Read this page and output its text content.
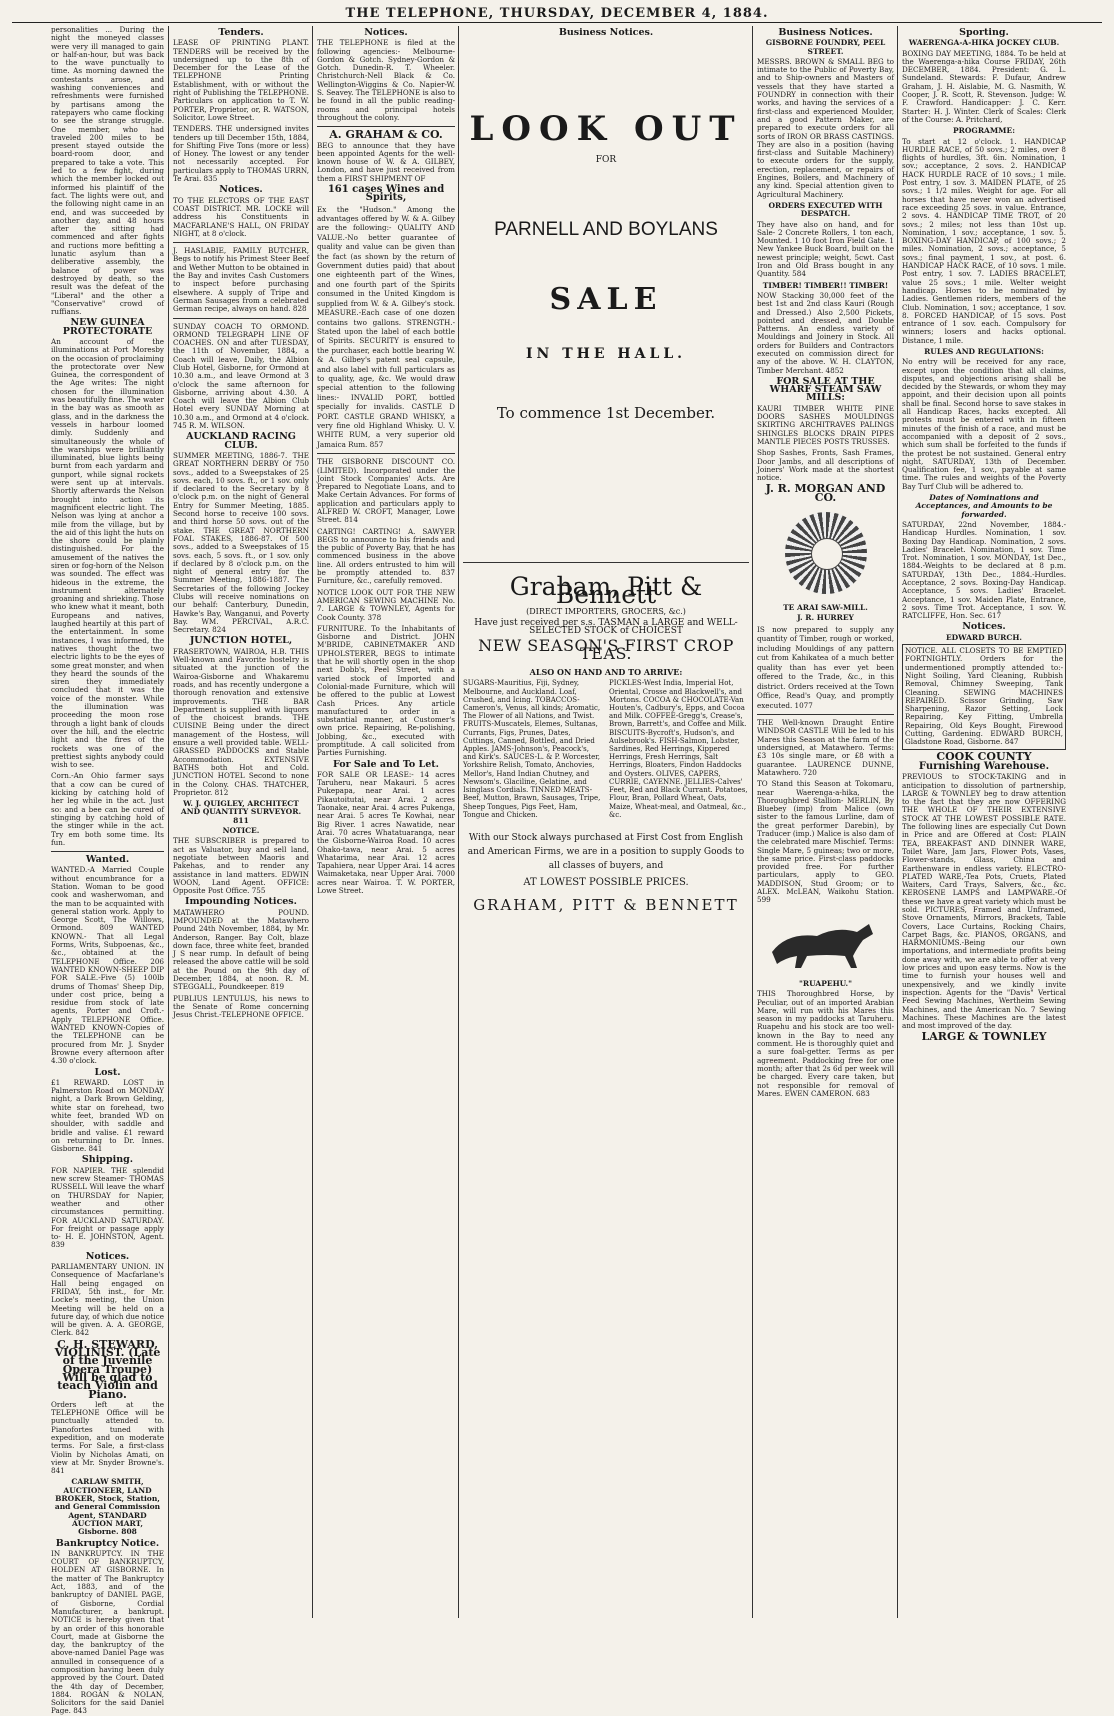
THE TELEPHONE, THURSDAY, DECEMBER 4, 1884.
personalities ... During the night the moneyed classes were very ill managed to gain or half-an-hour, but was back to the wave punctually to time. As morning dawned the contestants arose, and washing conveniences and refreshments were furnished by partisans among the ratepayers who came flocking to see the strange struggle. One member, who had traveled 200 miles to be present stayed outside the board-room door, and prepared to take a vote. This led to a few fight, during which the member locked out informed his plaintiff of the fact. The lights were out, and the following night came in an end, and was succeeded by another day, and 48 hours after the sitting had commenced and after fights and ructions more befitting a lunatic asylum than a deliberative assembly, the balance of power was destroyed by death, so the result was the defeat of the "Liberal" and the other a "Conservative" crowd of ruffians.
NEW GUINEA PROTECTORATE
An account of the illuminations at Port Moresby on the occasion of proclaiming the protectorate over New Guinea, the correspondent of the Age writes: The night chosen for the illumination was beautifully fine. The water in the bay was as smooth as glass, and in the darkness the vessels in harbour loomed dimly. Suddenly and simultaneously the whole of the warships were brilliantly illuminated, blue lights being burnt from each yardarm and gunport, while signal rockets were sent up at intervals. Shortly afterwards the Nelson brought into action its magnificent electric light. The Nelson was lying at anchor a mile from the village, but by the aid of this light the huts on the shore could be plainly distinguished. For the amusement of the natives the siren or fog-horn of the Nelson was sounded. The effect was hideous in the extreme, the instrument alternately groaning and shrieking. Those who knew what it meant, both Europeans and natives, laughed heartily at this part of the entertainment. In some instances, I was informed, the natives thought the two electric lights to be the eyes of some great monster, and when they heard the sounds of the siren they immediately concluded that it was the voice of the monster. While the illumination was proceeding the moon rose through a light bank of clouds over the hill, and the electric light and the fires of the rockets was one of the prettiest sights anybody could wish to see.
Corn.-An Ohio farmer says that a cow can be cured of kicking by catching hold of her leg while in the act. Just so: and a bee can be cured of stinging by catching hold of the stinger while in the act. Try em both some time. Its fun.
Wanted.
WANTED.-A Married Couple without encumbrance for a Station. Woman to be good cook and washerwoman, and the man to be acquainted with general station work. Apply to George Scott, The Willows, Ormond. 809 WANTED KNOWN.- That all Legal Forms, Writs, Subpoenas, &c., &c., obtained at the TELEPHONE Office. 206 WANTED KNOWN-SHEEP DIP FOR SALE.-Five (5) 100lb drums of Thomas' Sheep Dip, under cost price, being a residue from stock of late agents, Porter and Croft.-Apply TELEPHONE Office. WANTED KNOWN-Copies of the TELEPHONE can be procured from Mr. J. Snyder Browne every afternoon after 4.30 o'clock.
Lost.
£1 REWARD. LOST in Palmerston Road on MONDAY night, a Dark Brown Gelding, white star on forehead, two white feet, branded WD on shoulder, with saddle and bridle and valise. £1 reward on returning to Dr. Innes. Gisborne. 841
Shipping.
FOR NAPIER. THE splendid new screw Steamer- THOMAS RUSSELL Will leave the wharf on THURSDAY for Napier, weather and other circumstances permitting. FOR AUCKLAND SATURDAY. For freight or passage apply to- H. E. JOHNSTON, Agent. 839
Notices.
PARLIAMENTARY UNION. IN Consequence of Macfarlane's Hall being engaged on FRIDAY, 5th inst., for Mr. Locke's meeting, the Union Meeting will be held on a future day, of which due notice will be given. A. A. GEORGE, Clerk. 842
C. H. STEWARD, VIOLINIST. (Late of the Juvenile Opera Troupe) Will be glad to teach Violin and Piano.
Orders left at the TELEPHONE Office will be punctually attended to. Pianofortes tuned with expedition, and on moderate terms. For Sale, a first-class Violin by Nicholas Amati, on view at Mr. Snyder Browne's. 841
CARLAW SMITH, AUCTIONEER, LAND BROKER, Stock, Station, and General Commission Agent, STANDARD AUCTION MART, Gisborne. 808
Bankruptcy Notice.
IN BANKRUPTCY. IN THE COURT OF BANKRUPTCY, HOLDEN AT GISBORNE. In the matter of The Bankruptcy Act, 1883, and of the bankruptcy of DANIEL PAGE, of Gisborne, Cordial Manufacturer, a bankrupt. NOTICE is hereby given that by an order of this honorable Court, made at Gisborne the day, the bankruptcy of the above-named Daniel Page was annulled in consequence of a composition having been duly approved by the Court. Dated the 4th day of December, 1884. ROGAN & NOLAN, Solicitors for the said Daniel Page. 843
Tenders.
LEASE OF PRINTING PLANT. TENDERS will be received by the undersigned up to the 8th of December for the Lease of the TELEPHONE Printing Establishment, with or without the right of Publishing the TELEPHONE. Particulars on application to T. W. PORTER, Proprietor, or, R. WATSON, Solicitor, Lowe Street.
TENDERS. THE undersigned invites tenders up till December 15th, 1884, for Shifting Five Tons (more or less) of Honey. The lowest or any tender not necessarily accepted. For particulars apply to THOMAS URRN, Te Arai. 835
Notices.
TO THE ELECTORS OF THE EAST COAST DISTRICT. MR. LOCKE will address his Constituents in MACFARLANE'S HALL, ON FRIDAY NIGHT, at 8 o'clock.
J. HASLABIE, FAMILY BUTCHER, Begs to notify his Primest Steer Beef and Wether Mutton to be obtained in the Bay and invites Cash Customers to inspect before purchasing elsewhere. A supply of Tripe and German Sausages from a celebrated German recipe, always on hand. 828
SUNDAY COACH TO ORMOND. ORMOND TELEGRAPH LINE OF COACHES. ON and after TUESDAY, the 11th of November, 1884, a Coach will leave, Daily, the Albion Club Hotel, Gisborne, for Ormond at 10.30 a.m., and leave Ormond at 3 o'clock the same afternoon for Gisborne, arriving about 4.30. A Coach will leave the Albion Club Hotel every SUNDAY Morning at 10.30 a.m., and Ormond at 4 o'clock. 745 R. M. WILSON.
AUCKLAND RACING CLUB.
SUMMER MEETING, 1886-7. THE GREAT NORTHERN DERBY Of 750 sovs., added to a Sweepstakes of 25 sovs. each, 10 sovs. ft., or 1 sov. only if declared to the Secretary by 8 o'clock p.m. on the night of General Entry for Summer Meeting, 1885. Second horse to receive 100 sovs. and third horse 50 sovs. out of the stake. THE GREAT NORTHERN FOAL STAKES, 1886-87. Of 500 sovs., added to a Sweepstakes of 15 sovs. each, 5 sovs. ft., or 1 sov. only if declared by 8 o'clock p.m. on the night of general entry for the Summer Meeting, 1886-1887. The Secretaries of the following Jockey Clubs will receive nominations on our behalf: Canterbury, Dunedin, Hawke's Bay, Wanganui, and Poverty Bay. WM. PERCIVAL, A.R.C. Secretary. 824
JUNCTION HOTEL,
FRASERTOWN, WAIROA, H.B. THIS Well-known and Favorite hostelry is situated at the junction of the Wairoa-Gisborne and Whakaremu roads, and has recently undergone a thorough renovation and extensive improvements. THE BAR Department is supplied with liquors of the choicest brands. THE CUISINE Being under the direct management of the Hostess, will ensure a well provided table. WELL-GRASSED PADDOCKS and Stable Accommodation. EXTENSIVE BATHS both Hot and Cold. JUNCTION HOTEL Second to none in the Colony. CHAS. THATCHER, Proprietor. 812
W. J. QUIGLEY, ARCHITECT AND QUANTITY SURVEYOR. 811
NOTICE.
THE SUBSCRIBER is prepared to act as Valuator, buy and sell land, negotiate between Maoris and Pakehas, and to render any assistance in land matters. EDWIN WOON, Land Agent. OFFICE: Opposite Post Office. 755
Impounding Notices.
MATAWHERO POUND. IMPOUNDED at the Matawhero Pound 24th November, 1884, by Mr. Anderson, Ranger. Bay Colt, blaze down face, three white feet, branded J S near rump. In default of being released the above cattle will be sold at the Pound on the 9th day of December, 1884, at noon. R. M. STEGGALL, Poundkeeper. 819
PUBLIUS LENTULUS, his news to the Senate of Rome concerning Jesus Christ.-TELEPHONE OFFICE.
Notices.
THE TELEPHONE is filed at the following agencies:- Melbourne-Gordon & Gotch. Sydney-Gordon & Gotch. Dunedin-R. T. Wheeler. Christchurch-Nell Black & Co. Wellington-Wiggins & Co. Napier-W. S. Seavey. The TELEPHONE is also to be found in all the public reading-rooms and principal hotels throughout the colony.
A. GRAHAM & CO.
BEG to announce that they have been appointed Agents for the well-known house of W. & A. GILBEY, London, and have just received from them a FIRST SHIPMENT OF
161 cases Wines and Spirits,
Ex the "Hudson." Among the advantages offered by W. & A. Gilbey are the following:- QUALITY AND VALUE.-No better guarantee of quality and value can be given than the fact (as shown by the return of Government duties paid) that about one eighteenth part of the Wines, and one fourth part of the Spirits consumed in the United Kingdom is supplied from W. & A. Gilbey's stock. MEASURE.-Each case of one dozen contains two gallons. STRENGTH.-Stated upon the label of each bottle of Spirits. SECURITY is ensured to the purchaser, each bottle bearing W. & A. Gilbey's patent seal capsule, and also label with full particulars as to quality, age, &c. We would draw special attention to the following lines:- INVALID PORT, bottled specially for invalids. CASTLE D PORT. CASTLE GRAND WHISKY, a very fine old Highland Whisky. U. V. WHITE RUM, a very superior old Jamaica Rum. 857
THE GISBORNE DISCOUNT CO. (LIMITED). Incorporated under the Joint Stock Companies' Acts. Are Prepared to Negotiate Loans, and to Make Certain Advances. For forms of application and particulars apply to ALFRED W. CROFT, Manager, Lowe Street. 814
CARTING! CARTING! A. SAWYER BEGS to announce to his friends and the public of Poverty Bay, that he has commenced business in the above line. All orders entrusted to him will be promptly attended to. 837 Furniture, &c., carefully removed.
NOTICE LOOK OUT FOR THE NEW AMERICAN SEWING MACHINE No. 7. LARGE & TOWNLEY, Agents for Cook County. 378
FURNITURE. To the Inhabitants of Gisborne and District. JOHN M'BRIDE, CABINETMAKER AND UPHOLSTERER, BEGS to intimate that he will shortly open in the shop next Dobb's, Peel Street, with a varied stock of Imported and Colonial-made Furniture, which will be offered to the public at Lowest Cash Prices. Any article manufactured to order in a substantial manner, at Customer's own price. Repairing, Re-polishing, Jobbing, &c., executed with promptitude. A call solicited from Parties Furnishing.
For Sale and To Let.
FOR SALE OR LEASE:- 14 acres Taruheru, near Makauri. 5 acres Pukepapa, near Arai. 1 acres Pikautoitutai, near Arai. 2 acres Taonake, near Arai. 4 acres Pukenga, near Arai. 5 acres Te Kowhai, near Big River. 1 acres Nawatide, near Arai. 70 acres Whatatuaranga, near the Gisborne-Wairoa Road. 10 acres Ohako-tawa, near Arai. 5 acres Whatarima, near Arai. 12 acres Tapahiera, near Upper Arai. 14 acres Waimaketaka, near Upper Arai. 7000 acres near Wairoa. T. W. PORTER, Lowe Street.
Business Notices.
LOOK OUT
FOR
PARNELL AND BOYLANS
SALE
IN THE HALL.
To commence 1st December.
Graham, Pitt & Bennett
(DIRECT IMPORTERS, GROCERS, &c.)
Have just received per s.s. TASMAN a LARGE and WELL-SELECTED STOCK of CHOICEST
NEW SEASON'S FIRST CROP TEAS.
ALSO ON HAND AND TO ARRIVE:
SUGARS-Mauritius, Fiji, Sydney, Melbourne, and Auckland. Loaf, Crushed, and Icing. TOBACCOS-Cameron's, Venus, all kinds; Aromatic, The Flower of all Nations, and Twist. FRUITS-Muscatels, Elemes, Sultanas, Currants, Figs, Prunes, Dates, Cuttings, Canned, Bottled, and Dried Apples. JAMS-Johnson's, Peacock's, and Kirk's. SAUCES-L. & P. Worcester, Yorkshire Relish, Tomato, Anchovies, Mellor's, Hand Indian Chutney, and Newsom's. Glaciline, Gelatine, and Isinglass Cordials. TINNED MEATS-Beef, Mutton, Brawn, Sausages, Tripe, Sheep Tongues, Pigs Feet, Ham, Tongue and Chicken.
PICKLES-West India, Imperial Hot, Oriental, Crosse and Blackwell's, and Mortons. COCOA & CHOCOLATE-Van Houten's, Cadbury's, Epps, and Cocoa and Milk. COFFEE-Gregg's, Crease's, Brown, Barrett's, and Coffee and Milk. BISCUITS-Bycroft's, Hudson's, and Aulsebrook's. FISH-Salmon, Lobster, Sardines, Red Herrings, Kippered Herrings, Fresh Herrings, Salt Herrings, Bloaters, Findon Haddocks and Oysters. OLIVES, CAPERS, CURRIE, CAYENNE. JELLIES-Calves' Feet, Red and Black Currant. Potatoes, Flour, Bran, Pollard Wheat, Oats, Maize, Wheat-meal, and Oatmeal, &c., &c.
With our Stock always purchased at First Cost from English and American Firms, we are in a position to supply Goods to all classes of buyers, and
AT LOWEST POSSIBLE PRICES.
GRAHAM, PITT & BENNETT
Business Notices.
GISBORNE FOUNDRY, PEEL STREET.
MESSRS. BROWN & SMALL BEG to intimate to the Public of Poverty Bay, and to Ship-owners and Masters of vessels that they have started a FOUNDRY in connection with their works, and having the services of a first-class and experienced Moulder, and a good Pattern Maker, are prepared to execute orders for all sorts of IRON OR BRASS CASTINGS. They are also in a position (having first-class and Suitable Machinery) to execute orders for the supply, erection, replacement, or repairs of Engines, Boilers, and Machinery of any kind. Special attention given to Agricultural Machinery.
ORDERS EXECUTED WITH DESPATCH.
They have also on hand, and for Sale- 2 Concrete Rollers, 1 ton each, Mounted. 1 10 foot Iron Field Gate. 1 New Yankee Buck Board, built on the newest principle; weight, 5cwt. Cast Iron and Old Brass bought in any Quantity. 584
TIMBER! TIMBER!! TIMBER!
NOW Stacking 30,000 feet of the best 1st and 2nd class Kauri (Rough and Dressed.) Also 2,500 Pickets, pointed and dressed, and Double Patterns. An endless variety of Mouldings and Joinery in Stock. All orders for Builders and Contractors executed on commission direct for any of the above. W. H. CLAYTON, Timber Merchant. 4852
FOR SALE AT THE WHARF STEAM SAW MILLS:
KAURI TIMBER WHITE PINE DOORS SASHES MOULDINGS SKIRTING ARCHITRAVES PALINGS SHINGLES BLOCKS DRAIN PIPES MANTLE PIECES POSTS TRUSSES.
Shop Sashes, Fronts, Sash Frames, Door Jambs, and all descriptions of Joiners' Work made at the shortest notice.
J. R. MORGAN AND CO.
TE ARAI SAW-MILL.
J. R. HURREY
IS now prepared to supply any quantity of Timber, rough or worked, including Mouldings of any pattern cut from Kahikatea of a much better quality than has ever yet been offered to the Trade, &c., in this district. Orders received at the Town Office, Read's Quay, and promptly executed. 1077
THE Well-known Draught Entire WINDSOR CASTLE Will be led to his Mares this Season at the farm of the undersigned, at Matawhero. Terms: £3 10s single mare, or £8 with a guarantee. LAURENCE DUNNE, Matawhero. 720
TO Stand this Season at Tokomaru, near Waerenga-a-hika, the Thoroughbred Stallion- MERLIN, By Bluebey (imp) from Malice (own sister to the famous Lurline, dam of the great performer Darebin), by Traducer (imp.) Malice is also dam of the celebrated mare Mischief. Terms: Single Mare, 5 guineas; two or more, the same price. First-class paddocks provided free. For further particulars, apply to GEO. MADDISON, Stud Groom; or to ALEX. McLEAN, Waikohu Station. 599
"RUAPEHU."
THIS Thoroughbred Horse, by Peculiar, out of an imported Arabian Mare, will run with his Mares this season in my paddocks at Taruheru. Ruapehu and his stock are too well-known in the Bay to need any comment. He is thoroughly quiet and a sure foal-getter. Terms as per agreement. Paddocking free for one month; after that 2s 6d per week will be charged. Every care taken, but not responsible for removal of Mares. EWEN CAMERON. 683
Sporting.
WAERENGA-A-HIKA JOCKEY CLUB.
BOXING DAY MEETING, 1884. To be held at the Waerenga-a-hika Course FRIDAY, 26th DECEMBER, 1884. President: G. L. Sundeland. Stewards: F. Dufaur, Andrew Graham, J. H. Aislabie, M. G. Nasmith, W. Cooper, J. R. Scott, R. Stevenson. Judge: W. F. Crawford. Handicapper: J. C. Kerr. Starter: H. J. Winter. Clerk of Scales: Clerk of the Course: A. Pritchard,
PROGRAMME:
To start at 12 o'clock. 1. HANDICAP HURDLE RACE, of 50 sovs.; 2 miles, over 8 flights of hurdles, 3ft. 6in. Nomination, 1 sov.; acceptance, 2 sovs. 2. HANDICAP HACK HURDLE RACE of 10 sovs.; 1 mile. Post entry, 1 sov. 3. MAIDEN PLATE, of 25 sovs.; 1 1/2 miles. Weight for age. For all horses that have never won an advertised race exceeding 25 sovs. in value. Entrance, 2 sovs. 4. HANDICAP TIME TROT, of 20 sovs.; 2 miles; not less than 10st up. Nomination, 1 sov.; acceptance, 1 sov. 5. BOXING-DAY HANDICAP, of 100 sovs.; 2 miles. Nomination, 2 sovs.; acceptance, 5 sovs.; final payment, 1 sov., at post. 6. HANDICAP HACK RACE, of 10 sovs. 1 mile. Post entry, 1 sov. 7. LADIES BRACELET, value 25 sovs.; 1 mile. Welter weight handicap. Horses to be nominated by Ladies. Gentlemen riders, members of the Club. Nomination, 1 sov.; acceptance, 1 sov. 8. FORCED HANDICAP, of 15 sovs. Post entrance of 1 sov. each. Compulsory for winners; losers and hacks optional. Distance, 1 mile.
RULES AND REGULATIONS:
No entry will be received for any race, except upon the condition that all claims, disputes, and objections arising shall be decided by the Stewards, or whom they may appoint, and their decision upon all points shall be final. Second horse to save stakes in all Handicap Races, hacks excepted. All protests must be entered with in fifteen minutes of the finish of a race, and must be accompanied with a deposit of 2 sovs., which sum shall be forfeited to the funds if the protest be not sustained. General entry night, SATURDAY, 13th of December. Qualification fee, 1 sov., payable at same time. The rules and weights of the Poverty Bay Turf Club will be adhered to.
Dates of Nominations and Acceptances, and Amounts to be forwarded.
SATURDAY, 22nd November, 1884.-Handicap Hurdles. Nomination, 1 sov. Boxing Day Handicap. Nomination, 2 sovs. Ladies' Bracelet. Nomination, 1 sov. Time Trot. Nomination, 1 sov. MONDAY, 1st Dec., 1884.-Weights to be declared at 8 p.m. SATURDAY, 13th Dec., 1884.-Hurdles. Acceptance, 2 sovs. Boxing-Day Handicap. Acceptance, 5 sovs. Ladies' Bracelet. Acceptance, 1 sov. Maiden Plate, Entrance, 2 sovs. Time Trot. Acceptance, 1 sov. W. RATCLIFFE, Hon. Sec. 617
Notices.
EDWARD BURCH.
NOTICE. ALL CLOSETS TO BE EMPTIED FORTNIGHTLY. Orders for the undermentioned promptly attended to:- Night Soiling, Yard Cleaning, Rubbish Removal, Chimney Sweeping, Tank Cleaning. SEWING MACHINES REPAIRED. Scissor Grinding, Saw Sharpening, Razor Setting, Lock Repairing, Key Fitting, Umbrella Repairing, Old Keys Bought, Firewood Cutting, Gardening. EDWARD BURCH, Gladstone Road, Gisborne. 847
COOK COUNTY
Furnishing Warehouse.
PREVIOUS to STOCK-TAKING and in anticipation to dissolution of partnership, LARGE & TOWNLEY beg to draw attention to the fact that they are now OFFERING THE WHOLE OF THEIR EXTENSIVE STOCK AT THE LOWEST POSSIBLE RATE. The following lines are especially Cut Down in Price and are Offered at Cost: PLAIN TEA, BREAKFAST AND DINNER WARE, Toilet Ware, Jam Jars, Flower Pots, Vases, Flower-stands, Glass, China and Earthenware in endless variety. ELECTRO-PLATED WARE,-Tea Pots, Cruets, Plated Waiters, Card Trays, Salvers, &c., &c. KEROSENE LAMPS and LAMPWARE.-Of these we have a great variety which must be sold. PICTURES, Framed and Unframed, Stove Ornaments, Mirrors, Brackets, Table Covers, Lace Curtains, Rocking Chairs, Carpet Bags, &c. PIANOS, ORGANS, and HARMONIUMS.-Being our own importations, and intermediate profits being done away with, we are able to offer at very low prices and upon easy terms. Now is the time to furnish your houses well and unexpensively, and we kindly invite inspection. Agents for the "Davis" Vertical Feed Sewing Machines, Wertheim Sewing Machines, and the American No. 7 Sewing Machines. These Machines are the latest and most improved of the day.
LARGE & TOWNLEY
